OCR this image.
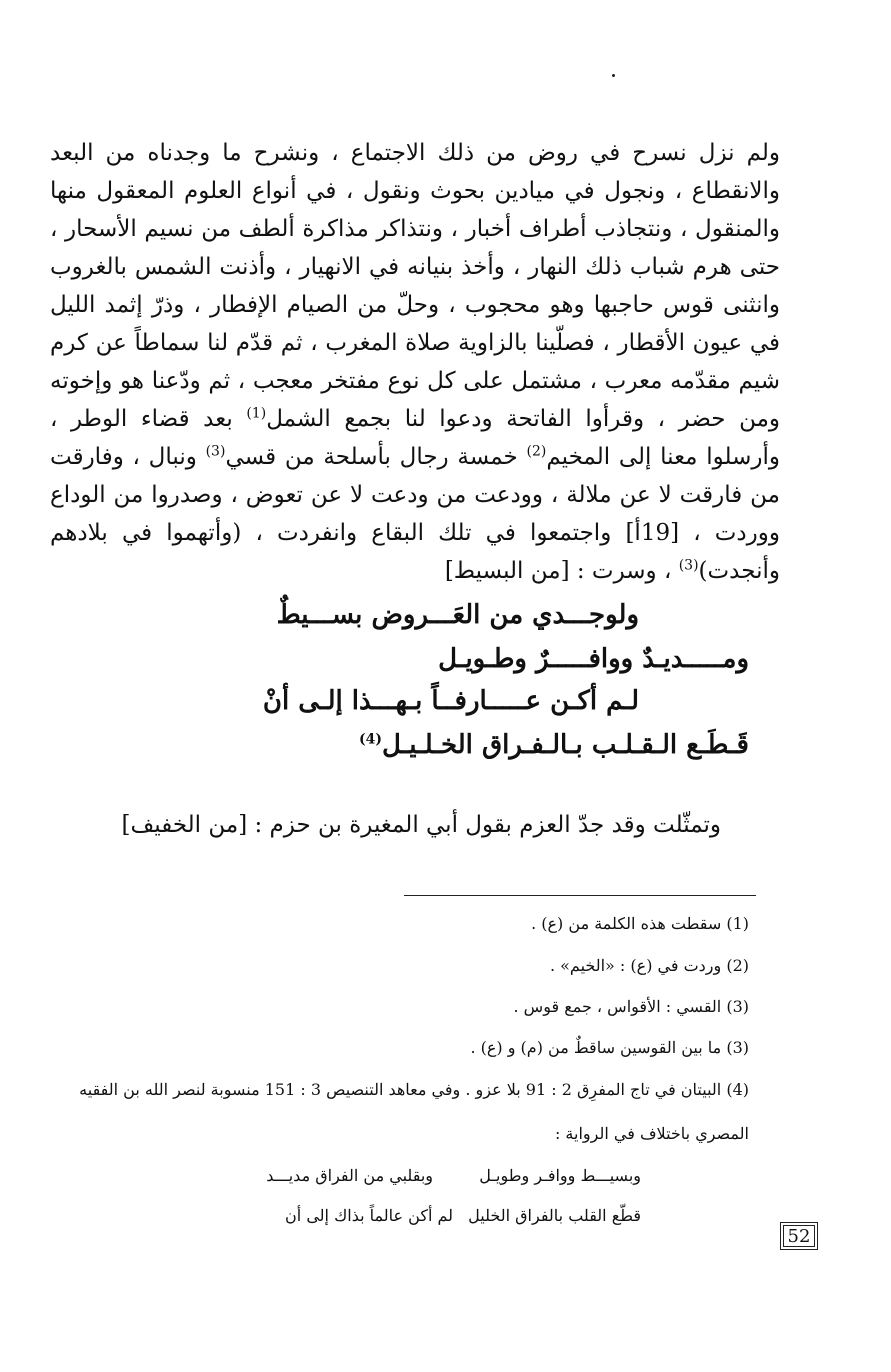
ولم نزل نسرح في روض من ذلك الاجتماع ، ونشرح ما وجدناه من البعد والانقطاع ، ونجول في ميادين بحوث ونقول ، في أنواع العلوم المعقول منها والمنقول ، ونتجاذب أطراف أخبار ، ونتذاكر مذاكرة ألطف من نسيم الأسحار ، حتى هرم شباب ذلك النهار ، وأخذ بنيانه في الانهيار ، وأذنت الشمس بالغروب وانثنى قوس حاجبها وهو محجوب ، وحلّ من الصيام الإفطار ، وذرّ إثمد الليل في عيون الأقطار ، فصلّينا بالزاوية صلاة المغرب ، ثم قدّم لنا سماطاً عن كرم شيم مقدّمه معرب ، مشتمل على كل نوع مفتخر معجب ، ثم ودّعنا هو وإخوته ومن حضر ، وقرأوا الفاتحة ودعوا لنا بجمع الشمل$^{(1)}$ بعد قضاء الوطر ، وأرسلوا معنا إلى المخيم$^{(2)}$ خمسة رجال بأسلحة من قسي$^{(3)}$ ونبال ، وفارقت من فارقت لا عن ملالة ، وودعت من ودعت لا عن تعوض ، وصدروا من الوداع ووردت ، [19أ] واجتمعوا في تلك البقاع وانفردت ، (وأتهموا في بلادهم وأنجدت)$^{(3)}$ ، وسرت : [من البسيط]

ولوجـــدي من العَـــروض بســـيطٌ

ومـــــديـدٌ ووافـــــرٌ وطـويـل

لـم أكـن عـــــارفــاً بـهـــذا إلـى أنْ

قَـطَـع الـقـلـب بـالـفـراق الخـلـيـل$^{(4)}$

وتمثّلت وقد جدّ العزم بقول أبي المغيرة بن حزم : [من الخفيف]

(1) سقطت هذه الكلمة من (ع) .

(2) وردت في (ع) : «الخيم» .

(3) القسي : الأقواس ، جمع قوس .

(3) ما بين القوسين ساقطٌ من (م) و (ع) .

(4) البيتان في تاج المفرِق 2 : 91 بلا عزو . وفي معاهد التنصيص 3 : 151 منسوبة لنصر الله بن الفقيه

المصري باختلاف في الرواية :

وبسيـــط ووافـر وطويـل

وبقلبي من الفراق مديـــد

قطّع القلب بالفراق الخليل

لم أكن عالماً بذاك إلى أن

52
